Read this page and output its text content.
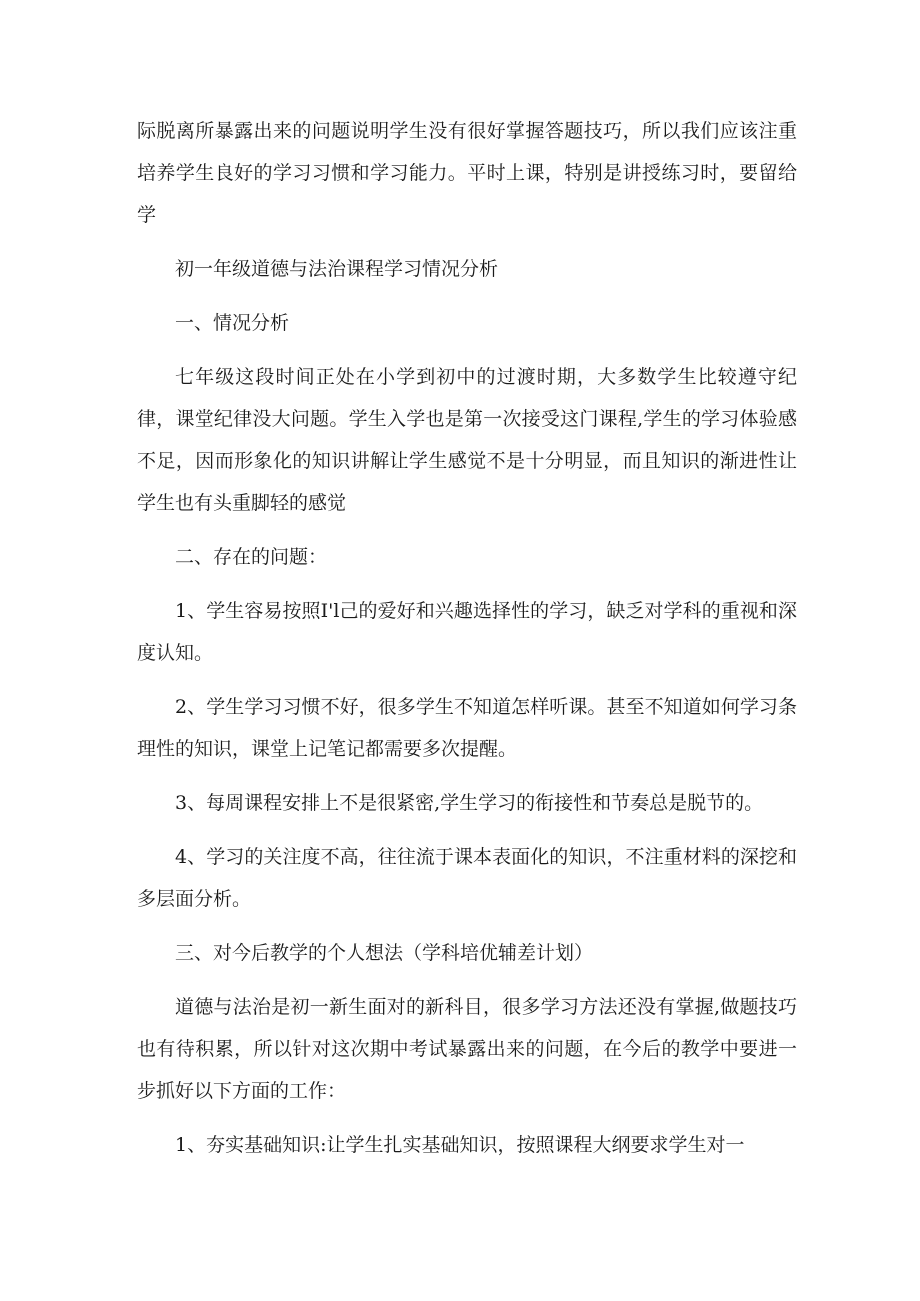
际脱离所暴露出来的问题说明学生没有很好掌握答题技巧，所以我们应该注重培养学生良好的学习习惯和学习能力。平时上课，特别是讲授练习时，要留给学

初一年级道德与法治课程学习情况分析

一、情况分析

七年级这段时间正处在小学到初中的过渡时期，大多数学生比较遵守纪律，课堂纪律没大问题。学生入学也是第一次接受这门课程,学生的学习体验感不足，因而形象化的知识讲解让学生感觉不是十分明显，而且知识的渐进性让学生也有头重脚轻的感觉

二、存在的问题：

1、学生容易按照I'l己的爱好和兴趣选择性的学习，缺乏对学科的重视和深度认知。

2、学生学习习惯不好，很多学生不知道怎样听课。甚至不知道如何学习条理性的知识，课堂上记笔记都需要多次提醒。

3、每周课程安排上不是很紧密,学生学习的衔接性和节奏总是脱节的。

4、学习的关注度不高，往往流于课本表面化的知识，不注重材料的深挖和多层面分析。

三、对今后教学的个人想法（学科培优辅差计划）

道德与法治是初一新生面对的新科目，很多学习方法还没有掌握,做题技巧也有待积累，所以针对这次期中考试暴露出来的问题，在今后的教学中要进一步抓好以下方面的工作：

1、夯实基础知识:让学生扎实基础知识，按照课程大纲要求学生对一
